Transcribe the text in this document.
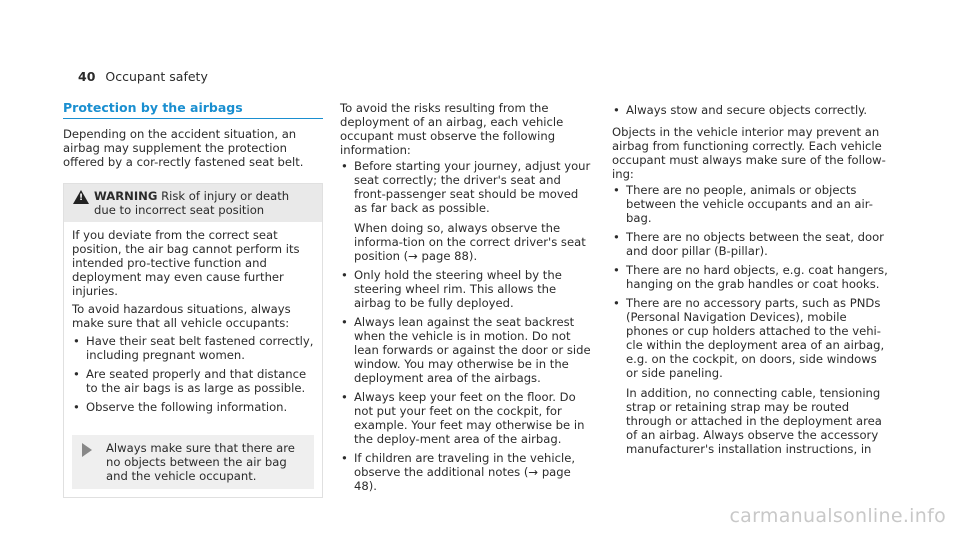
40 Occupant safety
Protection by the airbags

Depending on the accident situation, an airbag may supplement the protection offered by a cor-rectly fastened seat belt.

!
WARNING Risk of injury or death due to incorrect seat position

If you deviate from the correct seat position, the air bag cannot perform its intended pro-tective function and deployment may even cause further injuries.

To avoid hazardous situations, always make sure that all vehicle occupants:

• Have their seat belt fastened correctly, including pregnant women.
• Are seated properly and that distance to the air bags is as large as possible.
• Observe the following information.
Always make sure that there are no objects between the air bag and the vehicle occupant.

To avoid the risks resulting from the deployment of an airbag, each vehicle occupant must observe the following information:

• Before starting your journey, adjust your seat correctly; the driver's seat and front-passenger seat should be moved as far back as possible.
When doing so, always observe the informa-tion on the correct driver's seat position (→ page 88).
• Only hold the steering wheel by the steering wheel rim. This allows the airbag to be fully deployed.
• Always lean against the seat backrest when the vehicle is in motion. Do not lean forwards or against the door or side window. You may otherwise be in the deployment area of the airbags.
• Always keep your feet on the floor. Do not put your feet on the cockpit, for example. Your feet may otherwise be in the deploy-ment area of the airbag.
• If children are traveling in the vehicle, observe the additional notes (→ page 48).
• Always stow and secure objects correctly.

Objects in the vehicle interior may prevent an airbag from functioning correctly. Each vehicle occupant must always make sure of the follow-ing:

• There are no people, animals or objects between the vehicle occupants and an air-bag.
• There are no objects between the seat, door and door pillar (B-pillar).
• There are no hard objects, e.g. coat hangers, hanging on the grab handles or coat hooks.
• There are no accessory parts, such as PNDs (Personal Navigation Devices), mobile phones or cup holders attached to the vehi-cle within the deployment area of an airbag, e.g. on the cockpit, on doors, side windows or side paneling.
In addition, no connecting cable, tensioning strap or retaining strap may be routed through or attached in the deployment area of an airbag. Always observe the accessory manufacturer's installation instructions, in
carmanualsonline.info
